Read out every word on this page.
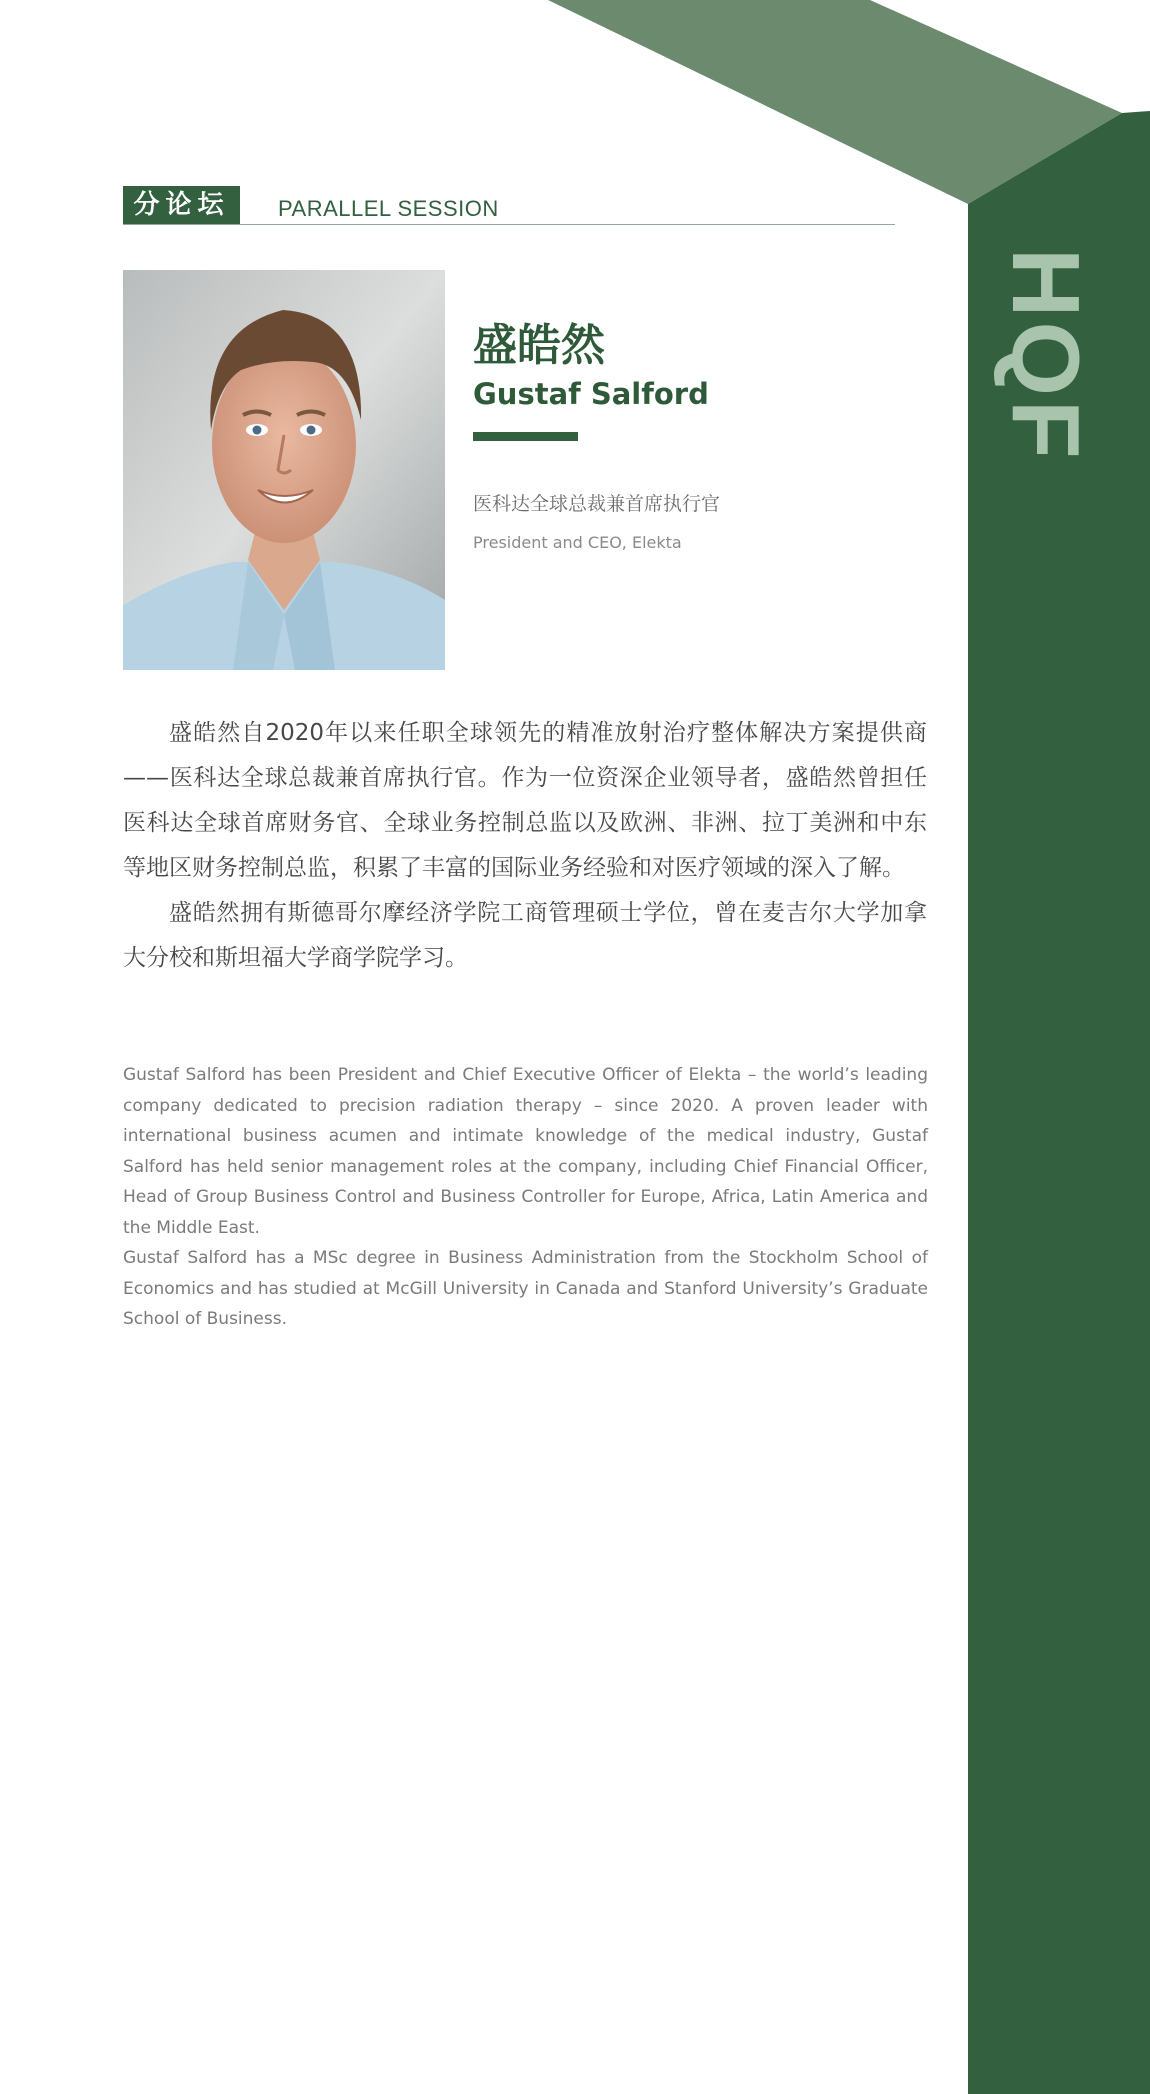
HQF
分论坛	PARALLEL SESSION
盛皓然
Gustaf Salford
医科达全球总裁兼首席执行官
President and CEO, Elekta

盛皓然自2020年以来任职全球领先的精准放射治疗整体解决方案提供商——医科达全球总裁兼首席执行官。作为一位资深企业领导者，盛皓然曾担任医科达全球首席财务官、全球业务控制总监以及欧洲、非洲、拉丁美洲和中东等地区财务控制总监，积累了丰富的国际业务经验和对医疗领域的深入了解。

盛皓然拥有斯德哥尔摩经济学院工商管理硕士学位，曾在麦吉尔大学加拿大分校和斯坦福大学商学院学习。

Gustaf Salford has been President and Chief Executive Officer of Elekta – the world’s leading company dedicated to precision radiation therapy – since 2020. A proven leader with international business acumen and intimate knowledge of the medical industry, Gustaf Salford has held senior management roles at the company, including Chief Financial Officer, Head of Group Business Control and Business Controller for Europe, Africa, Latin America and the Middle East.

Gustaf Salford has a MSc degree in Business Administration from the Stockholm School of Economics and has studied at McGill University in Canada and Stanford University’s Graduate School of Business.
